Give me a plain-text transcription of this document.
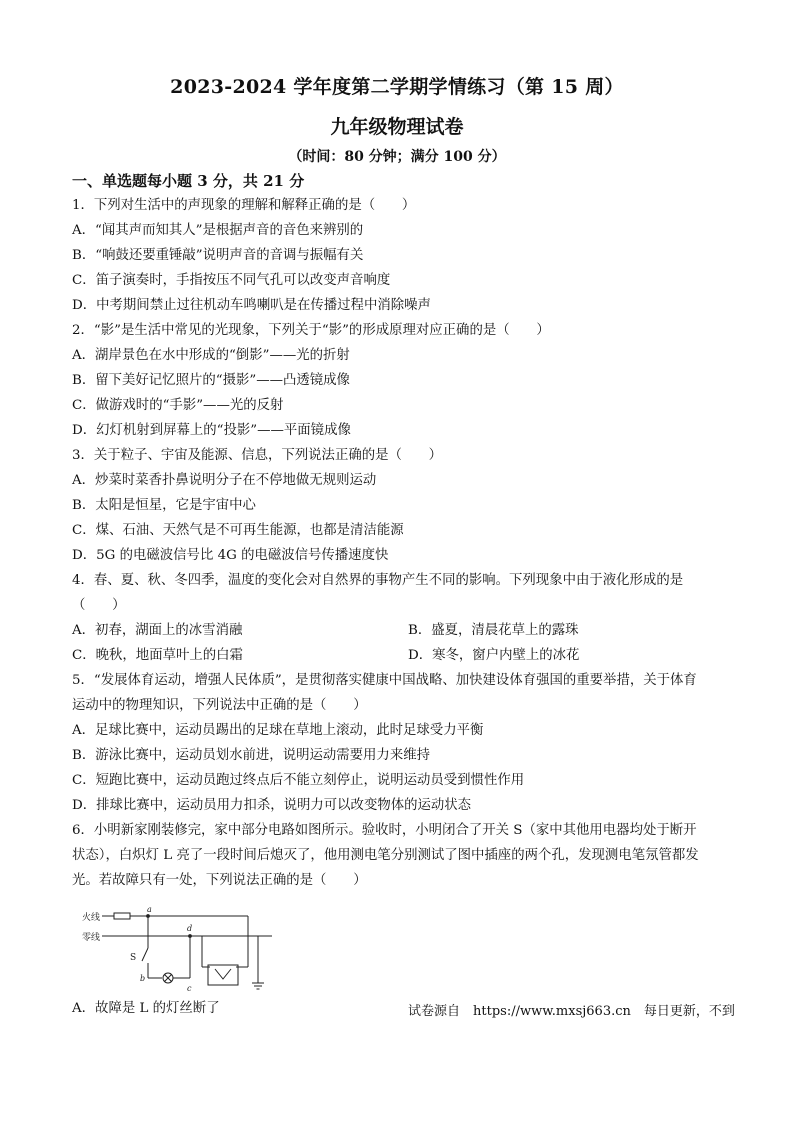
2023-2024 学年度第二学期学情练习（第 15 周）
九年级物理试卷
（时间：80 分钟；满分 100 分）
一、单选题每小题 3 分，共 21 分
1．下列对生活中的声现象的理解和解释正确的是（　　）
A．“闻其声而知其人”是根据声音的音色来辨别的
B．“响鼓还要重锤敲”说明声音的音调与振幅有关
C．笛子演奏时，手指按压不同气孔可以改变声音响度
D．中考期间禁止过往机动车鸣喇叭是在传播过程中消除噪声
2．“影”是生活中常见的光现象，下列关于“影”的形成原理对应正确的是（　　）
A．湖岸景色在水中形成的“倒影”——光的折射
B．留下美好记忆照片的“摄影”——凸透镜成像
C．做游戏时的“手影”——光的反射
D．幻灯机射到屏幕上的“投影”——平面镜成像
3．关于粒子、宇宙及能源、信息，下列说法正确的是（　　）
A．炒菜时菜香扑鼻说明分子在不停地做无规则运动
B．太阳是恒星，它是宇宙中心
C．煤、石油、天然气是不可再生能源，也都是清洁能源
D．5G 的电磁波信号比 4G 的电磁波信号传播速度快
4．春、夏、秋、冬四季，温度的变化会对自然界的事物产生不同的影响。下列现象中由于液化形成的是
（　　）
A．初春，湖面上的冰雪消融	B．盛夏，清晨花草上的露珠
C．晚秋，地面草叶上的白霜	D．寒冬，窗户内壁上的冰花
5．“发展体育运动，增强人民体质”，是贯彻落实健康中国战略、加快建设体育强国的重要举措，关于体育
运动中的物理知识，下列说法中正确的是（　　）
A．足球比赛中，运动员踢出的足球在草地上滚动，此时足球受力平衡
B．游泳比赛中，运动员划水前进，说明运动需要用力来维持
C．短跑比赛中，运动员跑过终点后不能立刻停止，说明运动员受到惯性作用
D．排球比赛中，运动员用力扣杀，说明力可以改变物体的运动状态
6．小明新家刚装修完，家中部分电路如图所示。验收时，小明闭合了开关 S（家中其他用电器均处于断开
状态），白炽灯 L 亮了一段时间后熄灭了，他用测电笔分别测试了图中插座的两个孔，发现测电笔氖管都发
光。若故障只有一处，下列说法正确的是（　　）
火线
零线
a
S
b
c
d
A．故障是 L 的灯丝断了	试卷源自　https://www.mxsj663.cn　每日更新，不到
